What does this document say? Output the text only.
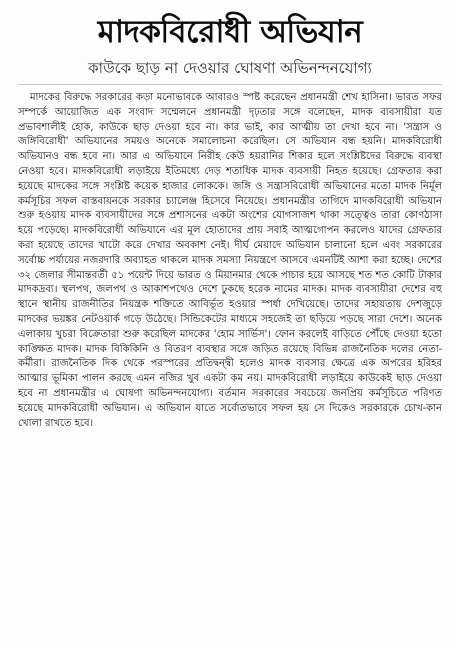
মাদকবিরোধী অভিযান
কাউকে ছাড় না দেওয়ার ঘোষণা অভিনন্দনযোগ্য

মাদকের বিরুদ্ধে সরকারের কড়া মনোভাবকে আবারও স্পষ্ট করেছেন প্রধানমন্ত্রী শেখ হাসিনা। ভারত সফর সম্পর্কে আয়োজিত এক সংবাদ সম্মেলনে প্রধানমন্ত্রী দৃঢ়তার সঙ্গে বলেছেন, মাদক ব্যবসায়ীরা যত প্রভাবশালীই হোক, কাউকে ছাড় দেওয়া হবে না। কার ভাই, কার আত্মীয় তা দেখা হবে না। 'সন্ত্রাস ও জঙ্গিবিরোধী' অভিযানের সময়ও অনেকে সমালোচনা করেছিল। সে অভিযান বন্ধ হয়নি। মাদকবিরোধী অভিযানও বন্ধ হবে না। আর এ অভিযানে নিরীহ কেউ হয়রানির শিকার হলে সংশ্লিষ্টদের বিরুদ্ধে ব্যবস্থা নেওয়া হবে। মাদকবিরোধী লড়াইয়ে ইতিমধ্যে দেড় শতাধিক মাদক ব্যবসায়ী নিহত হয়েছে। গ্রেফতার করা হয়েছে মাদকের সঙ্গে সংশ্লিষ্ট কয়েক হাজার লোককে। জঙ্গি ও সন্ত্রাসবিরোধী অভিযানের মতো মাদক নির্মূল কর্মসূচির সফল বাস্তবায়নকে সরকার চ্যালেঞ্জ হিসেবে নিয়েছে। প্রধানমন্ত্রীর তাগিদে মাদকবিরোধী অভিযান শুরু হওয়ায় মাদক ব্যবসায়ীদের সঙ্গে প্রশাসনের একটা অংশের যোগসাজশ থাকা সত্ত্বেও তারা কোণঠাসা হয়ে পড়েছে। মাদকবিরোধী অভিযানে এর মূল হোতাদের প্রায় সবাই আত্মগোপন করলেও যাদের গ্রেফতার করা হয়েছে তাদের খাটো করে দেখার অবকাশ নেই। দীর্ঘ মেয়াদে অভিযান চালানো হলে এবং সরকারের সর্বোচ্চ পর্যায়ের নজরদারি অব্যাহত থাকলে মাদক সমস্যা নিয়ন্ত্রণে আসবে এমনটিই আশা করা হচ্ছে। দেশের ৩২ জেলার সীমান্তবর্তী ৫১ পয়েন্ট দিয়ে ভারত ও মিয়ানমার থেকে পাচার হয়ে আসছে শত শত কোটি টাকার মাদকদ্রব্য। স্থলপথ, জলপথ ও আকাশপথেও দেশে ঢুকছে হরেক নামের মাদক। মাদক ব্যবসায়ীরা দেশের বহু স্থানে স্থানীয় রাজনীতির নিয়ন্ত্রক শক্তিতে আবির্ভূত হওয়ার স্পর্ধা দেখিয়েছে। তাদের সহায়তায় দেশজুড়ে মাদকের ভয়ঙ্কর নেটওয়ার্ক গড়ে উঠেছে। সিন্ডিকেটের মাধ্যমে সহজেই তা ছড়িয়ে পড়ছে সারা দেশে। অনেক এলাকায় খুচরা বিক্রেতারা শুরু করেছিল মাদকের 'হোম সার্ভিস'। ফোন করলেই বাড়িতে পৌঁছে দেওয়া হতো কাঙ্ক্ষিত মাদক। মাদক বিকিকিনি ও বিতরণ ব্যবস্থার সঙ্গে জড়িত রয়েছে বিভিন্ন রাজনৈতিক দলের নেতা-কর্মীরা। রাজনৈতিক দিক থেকে পরস্পরের প্রতিদ্বন্দ্বী হলেও মাদক ব্যবসার ক্ষেত্রে এক অপরের হরিহর আত্মার ভূমিকা পালন করছে এমন নজির খুব একটা কম নয়। মাদকবিরোধী লড়াইয়ে কাউকেই ছাড় দেওয়া হবে না প্রধানমন্ত্রীর এ ঘোষণা অভিনন্দনযোগ্য। বর্তমান সরকারের সবচেয়ে জনপ্রিয় কর্মসূচিতে পরিণত হয়েছে মাদকবিরোধী অভিযান। এ অভিযান যাতে সর্বোতভাবে সফল হয় সে দিকেও সরকারকে চোখ-কান খোলা রাখতে হবে।
